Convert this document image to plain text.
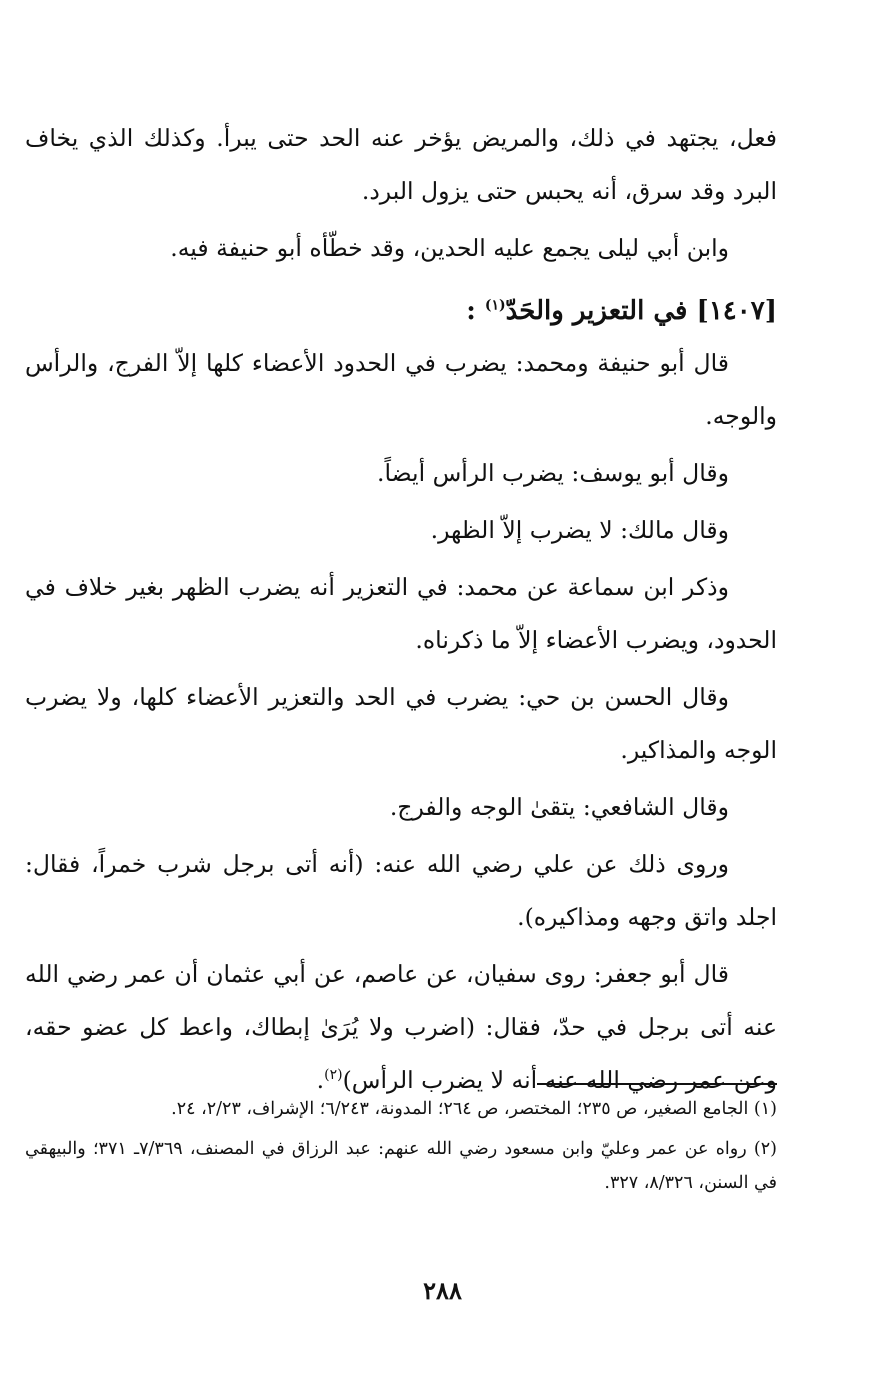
فعل، يجتهد في ذلك، والمريض يؤخر عنه الحد حتى يبرأ. وكذلك الذي يخاف البرد وقد سرق، أنه يحبس حتى يزول البرد.

وابن أبي ليلى يجمع عليه الحدين، وقد خطّأه أبو حنيفة فيه.

[١٤٠٧] في التعزير والحَدّ$^{(١)}$ :

قال أبو حنيفة ومحمد: يضرب في الحدود الأعضاء كلها إلاّ الفرج، والرأس والوجه.

وقال أبو يوسف: يضرب الرأس أيضاً.

وقال مالك: لا يضرب إلاّ الظهر.

وذكر ابن سماعة عن محمد: في التعزير أنه يضرب الظهر بغير خلاف في الحدود، ويضرب الأعضاء إلاّ ما ذكرناه.

وقال الحسن بن حي: يضرب في الحد والتعزير الأعضاء كلها، ولا يضرب الوجه والمذاكير.

وقال الشافعي: يتقىٰ الوجه والفرج.

وروى ذلك عن علي رضي الله عنه: (أنه أتى برجل شرب خمراً، فقال: اجلد واتق وجهه ومذاكيره).

قال أبو جعفر: روى سفيان، عن عاصم، عن أبي عثمان أن عمر رضي الله عنه أتى برجل في حدّ، فقال: (اضرب ولا يُرَىٰ إبطاك، واعط كل عضو حقه، وعن عمر رضي الله عنه أنه لا يضرب الرأس)$^{(٢)}$.

(١) الجامع الصغير، ص ٢٣٥؛ المختصر، ص ٢٦٤؛ المدونة، ٦/٢٤٣؛ الإشراف، ٢/٢٣، ٢٤.

(٢) رواه عن عمر وعليّ وابن مسعود رضي الله عنهم: عبد الرزاق في المصنف، ٧/٣٦٩ـ ٣٧١؛ والبيهقي في السنن، ٨/٣٢٦، ٣٢٧.

٢٨٨
